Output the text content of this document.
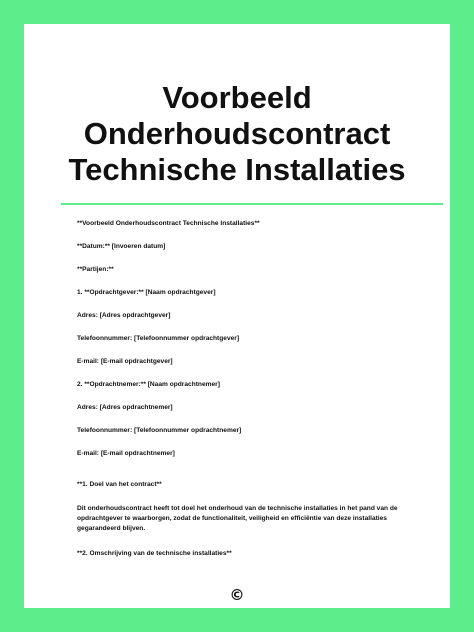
Voorbeeld
Onderhoudscontract
Technische Installaties
**Voorbeeld Onderhoudscontract Technische Installaties**
**Datum:** [Invoeren datum]
**Partijen:**
1. **Opdrachtgever:** [Naam opdrachtgever]
Adres: [Adres opdrachtgever]
Telefoonnummer: [Telefoonnummer opdrachtgever]
E-mail: [E-mail opdrachtgever]
2. **Opdrachtnemer:** [Naam opdrachtnemer]
Adres: [Adres opdrachtnemer]
Telefoonnummer: [Telefoonnummer opdrachtnemer]
E-mail: [E-mail opdrachtnemer]
**1. Doel van het contract**
Dit onderhoudscontract heeft tot doel het onderhoud van de technische installaties in het pand van de opdrachtgever te waarborgen, zodat de functionaliteit, veiligheid en efficiëntie van deze installaties gegarandeerd blijven.
**2. Omschrijving van de technische installaties**
©
